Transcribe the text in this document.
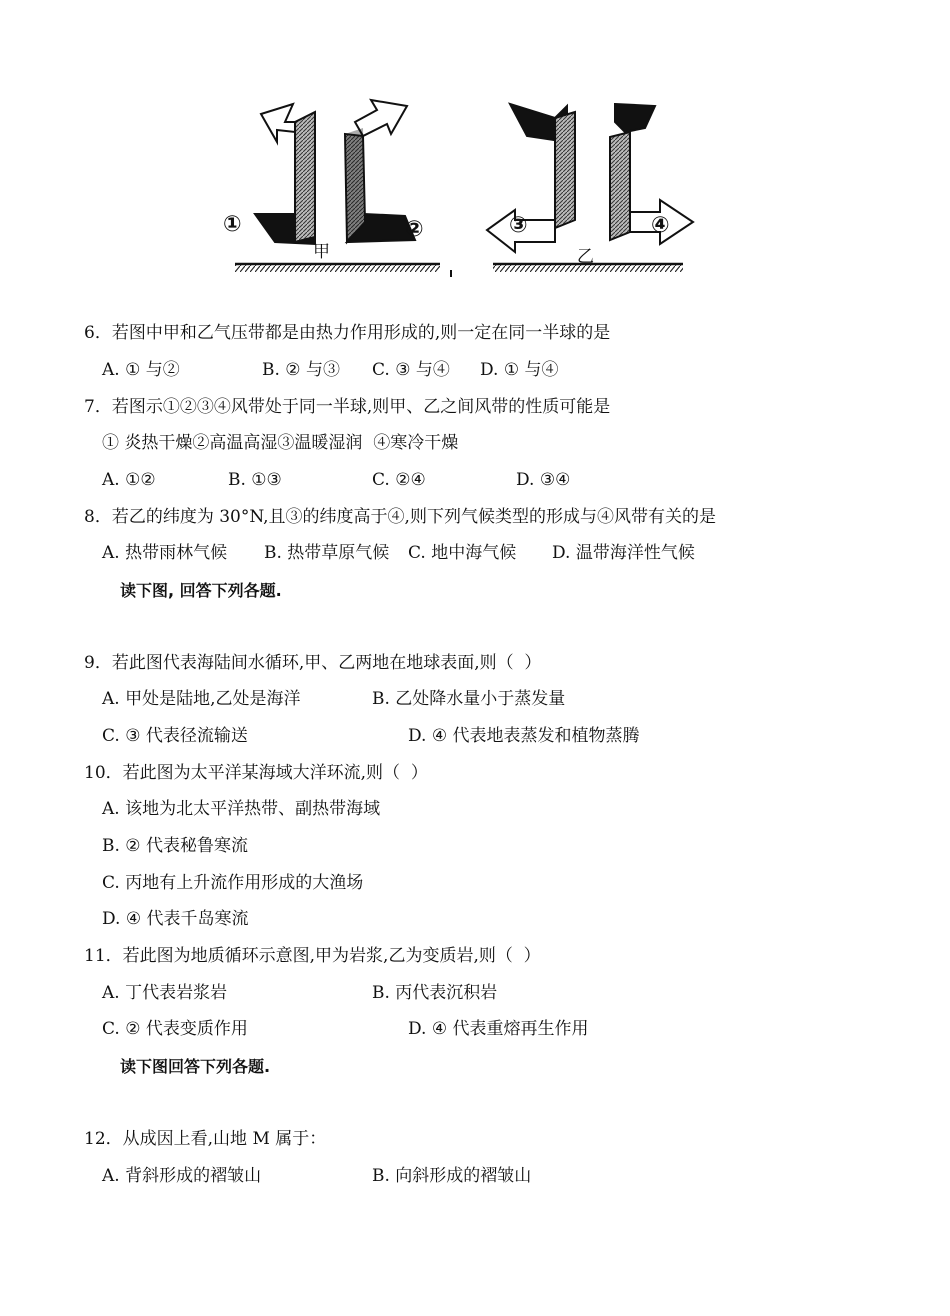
①	②
甲
③	④
乙
6．若图中甲和乙气压带都是由热力作用形成的,则一定在同一半球的是
A. ① 与②	B. ② 与③ C. ③ 与④ D. ① 与④
7．若图示①②③④风带处于同一半球,则甲、乙之间风带的性质可能是
① 炎热干燥②高温高湿③温暖湿润  ④寒冷干燥
A. ①②	B. ①③	C. ②④	D. ③④
8．若乙的纬度为 30°N,且③的纬度高于④,则下列气候类型的形成与④风带有关的是
A. 热带雨林气候 B. 热带草原气候 C. 地中海气候 D. 温带海洋性气候
读下图, 回答下列各题.
9．若此图代表海陆间水循环,甲、乙两地在地球表面,则（  ）
A. 甲处是陆地,乙处是海洋	B. 乙处降水量小于蒸发量
C. ③ 代表径流输送	D. ④ 代表地表蒸发和植物蒸腾
10．若此图为太平洋某海域大洋环流,则（  ）
A. 该地为北太平洋热带、副热带海域
B. ② 代表秘鲁寒流
C. 丙地有上升流作用形成的大渔场
D. ④ 代表千岛寒流
11．若此图为地质循环示意图,甲为岩浆,乙为变质岩,则（  ）
A. 丁代表岩浆岩	B. 丙代表沉积岩
C. ② 代表变质作用	D. ④ 代表重熔再生作用
读下图回答下列各题.
12．从成因上看,山地 M 属于：
A. 背斜形成的褶皱山	B. 向斜形成的褶皱山
